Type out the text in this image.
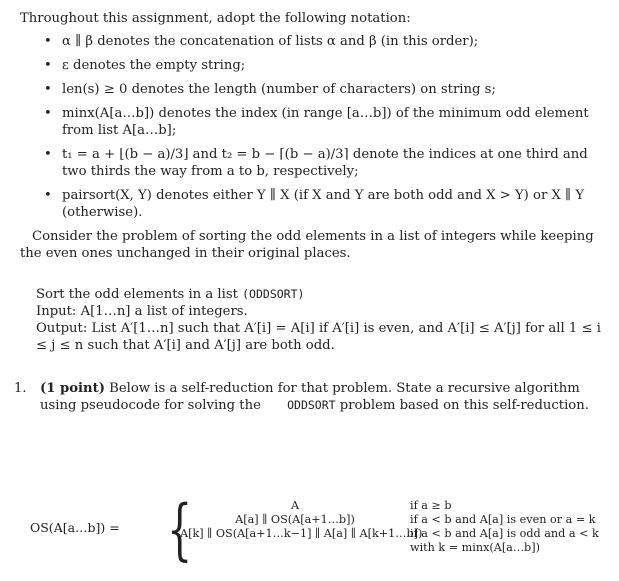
Throughout this assignment, adopt the following notation:
• α ∥ β denotes the concatenation of lists α and β (in this order);
• ε denotes the empty string;
• len(s) ≥ 0 denotes the length (number of characters) on string s;
• minx(A[a…b]) denotes the index (in range [a…b]) of the minimum odd element from list A[a…b];
• t₁ = a + ⌊(b − a)/3⌋ and t₂ = b − ⌈(b − a)/3⌉ denote the indices at one third and two thirds the way from a to b, respectively;
• pairsort(X, Y) denotes either Y ∥ X (if X and Y are both odd and X > Y) or X ∥ Y (otherwise).
Consider the problem of sorting the odd elements in a list of integers while keeping the even ones unchanged in their original places.
Sort the odd elements in a list (ODDSORT)
Input: A[1…n] a list of integers.
Output: List A′[1…n] such that A′[i] = A[i] if A′[i] is even, and A′[i] ≤ A′[j] for all 1 ≤ i ≤ j ≤ n such that A′[i] and A′[j] are both odd.
1.	(1 point) Below is a self-reduction for that problem. State a recursive algorithm using pseudocode for solving the ODDSORT problem based on this self-reduction.
OS(A[a…b]) = {	A
A[a] ∥ OS(A[a+1…b])
A[k] ∥ OS(A[a+1…k−1] ∥ A[a] ∥ A[k+1…b])
if a ≥ b
if a < b and A[a] is even or a = k
if a < b and A[a] is odd and a < k
with k = minx(A[a…b])
